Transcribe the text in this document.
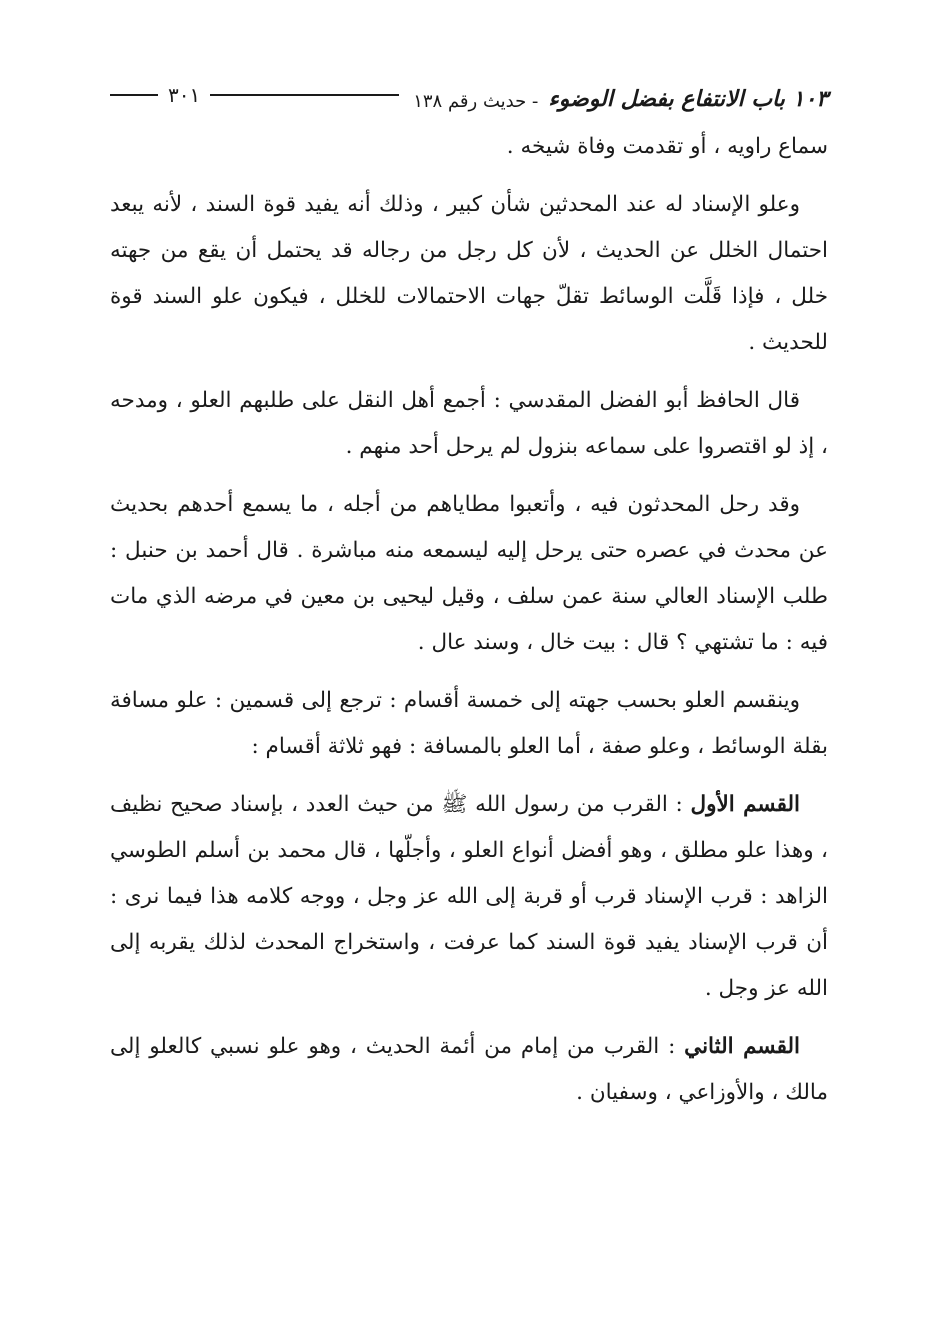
١٠٣ باب الانتفاع بفضل الوضوء
- حديث رقم ١٣٨
٣٠١

سماع راويه ، أو تقدمت وفاة شيخه .

وعلو الإسناد له عند المحدثين شأن كبير ، وذلك أنه يفيد قوة السند ، لأنه يبعد احتمال الخلل عن الحديث ، لأن كل رجل من رجاله قد يحتمل أن يقع من جهته خلل ، فإذا قَلَّت الوسائط تقلّ جهات الاحتمالات للخلل ، فيكون علو السند قوة للحديث .

قال الحافظ أبو الفضل المقدسي : أجمع أهل النقل على طلبهم العلو ، ومدحه ، إذ لو اقتصروا على سماعه بنزول لم يرحل أحد منهم .

وقد رحل المحدثون فيه ، وأتعبوا مطاياهم من أجله ، ما يسمع أحدهم بحديث عن محدث في عصره حتى يرحل إليه ليسمعه منه مباشرة . قال أحمد بن حنبل : طلب الإسناد العالي سنة عمن سلف ، وقيل ليحيى بن معين في مرضه الذي مات فيه : ما تشتهي ؟ قال : بيت خال ، وسند عال .

وينقسم العلو بحسب جهته إلى خمسة أقسام : ترجع إلى قسمين : علو مسافة بقلة الوسائط ، وعلو صفة ، أما العلو بالمسافة : فهو ثلاثة أقسام :

القسم الأول : القرب من رسول الله ﷺ من حيث العدد ، بإسناد صحيح نظيف ، وهذا علو مطلق ، وهو أفضل أنواع العلو ، وأجلّها ، قال محمد بن أسلم الطوسي الزاهد : قرب الإسناد قرب أو قربة إلى الله عز وجل ، ووجه كلامه هذا فيما نرى : أن قرب الإسناد يفيد قوة السند كما عرفت ، واستخراج المحدث لذلك يقربه إلى الله عز وجل .

القسم الثاني : القرب من إمام من أئمة الحديث ، وهو علو نسبي كالعلو إلى مالك ، والأوزاعي ، وسفيان .
